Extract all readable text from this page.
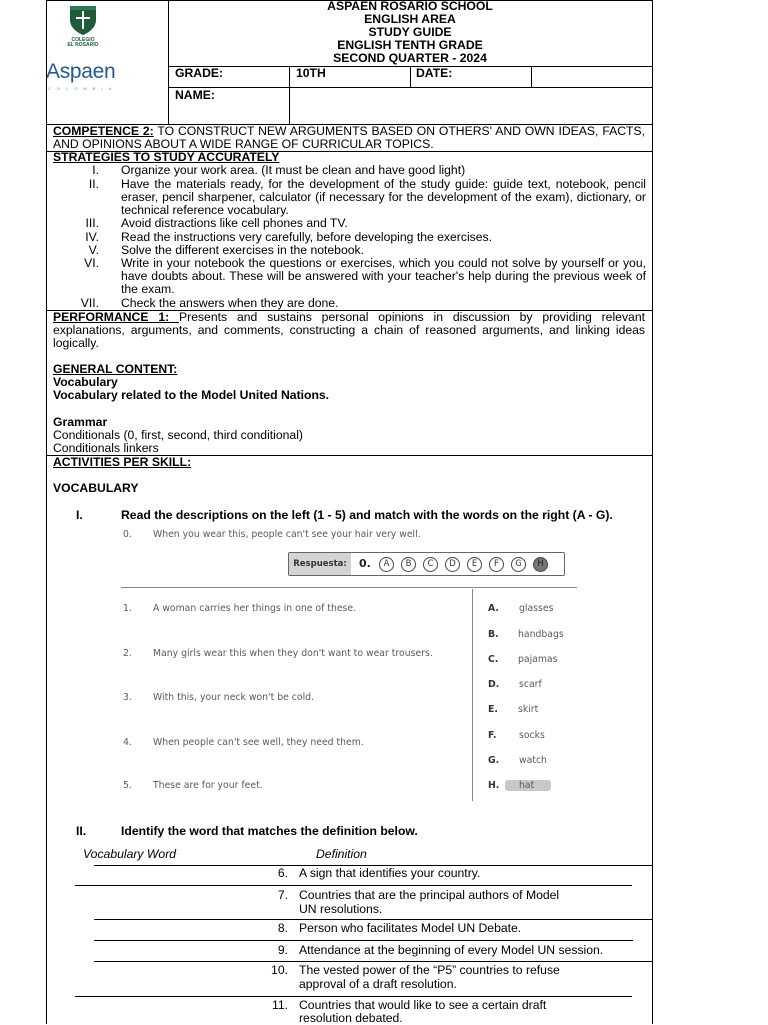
COLEGIO
EL ROSARIO
Aspaen
COLOMBIA
ASPAEN ROSARIO SCHOOL
ENGLISH AREA
STUDY GUIDE
ENGLISH TENTH GRADE
SECOND QUARTER - 2024
GRADE:	10TH	DATE:
NAME:
COMPETENCE 2: TO CONSTRUCT NEW ARGUMENTS BASED ON OTHERS' AND OWN IDEAS, FACTS, AND OPINIONS ABOUT A WIDE RANGE OF CURRICULAR TOPICS.
STRATEGIES TO STUDY ACCURATELY
I. Organize your work area. (It must be clean and have good light)
II. Have the materials ready, for the development of the study guide: guide text, notebook, pencil eraser, pencil sharpener, calculator (if necessary for the development of the exam), dictionary, or technical reference vocabulary.
III. Avoid distractions like cell phones and TV.
IV. Read the instructions very carefully, before developing the exercises.
V. Solve the different exercises in the notebook.
VI. Write in your notebook the questions or exercises, which you could not solve by yourself or you, have doubts about. These will be answered with your teacher's help during the previous week of the exam.
VII. Check the answers when they are done.
PERFORMANCE 1: Presents and sustains personal opinions in discussion by providing relevant explanations, arguments, and comments, constructing a chain of reasoned arguments, and linking ideas logically.
GENERAL CONTENT:
Vocabulary
Vocabulary related to the Model United Nations.
Grammar
Conditionals (0, first, second, third conditional)
Conditionals linkers
ACTIVITIES PER SKILL:
VOCABULARY
I.	Read the descriptions on the left (1 - 5) and match with the words on the right (A - G).
0. When you wear this, people can't see your hair very well.
Respuesta:	0.	A	B	C	D	E	F	G	H
1. A woman carries her things in one of these.
2. Many girls wear this when they don't want to wear trousers.
3. With this, your neck won't be cold.
4. When people can't see well, they need them.
5. These are for your feet.
A. glasses
B. handbags
C. pajamas
D. scarf
E. skirt
F. socks
G. watch
H. hat
II.	Identify the word that matches the definition below.
Vocabulary Word	Definition
6. A sign that identifies your country.
7. Countries that are the principal authors of Model
UN resolutions.
8. Person who facilitates Model UN Debate.
9. Attendance at the beginning of every Model UN session.
10. The vested power of the “P5” countries to refuse
approval of a draft resolution.
11. Countries that would like to see a certain draft
resolution debated.
